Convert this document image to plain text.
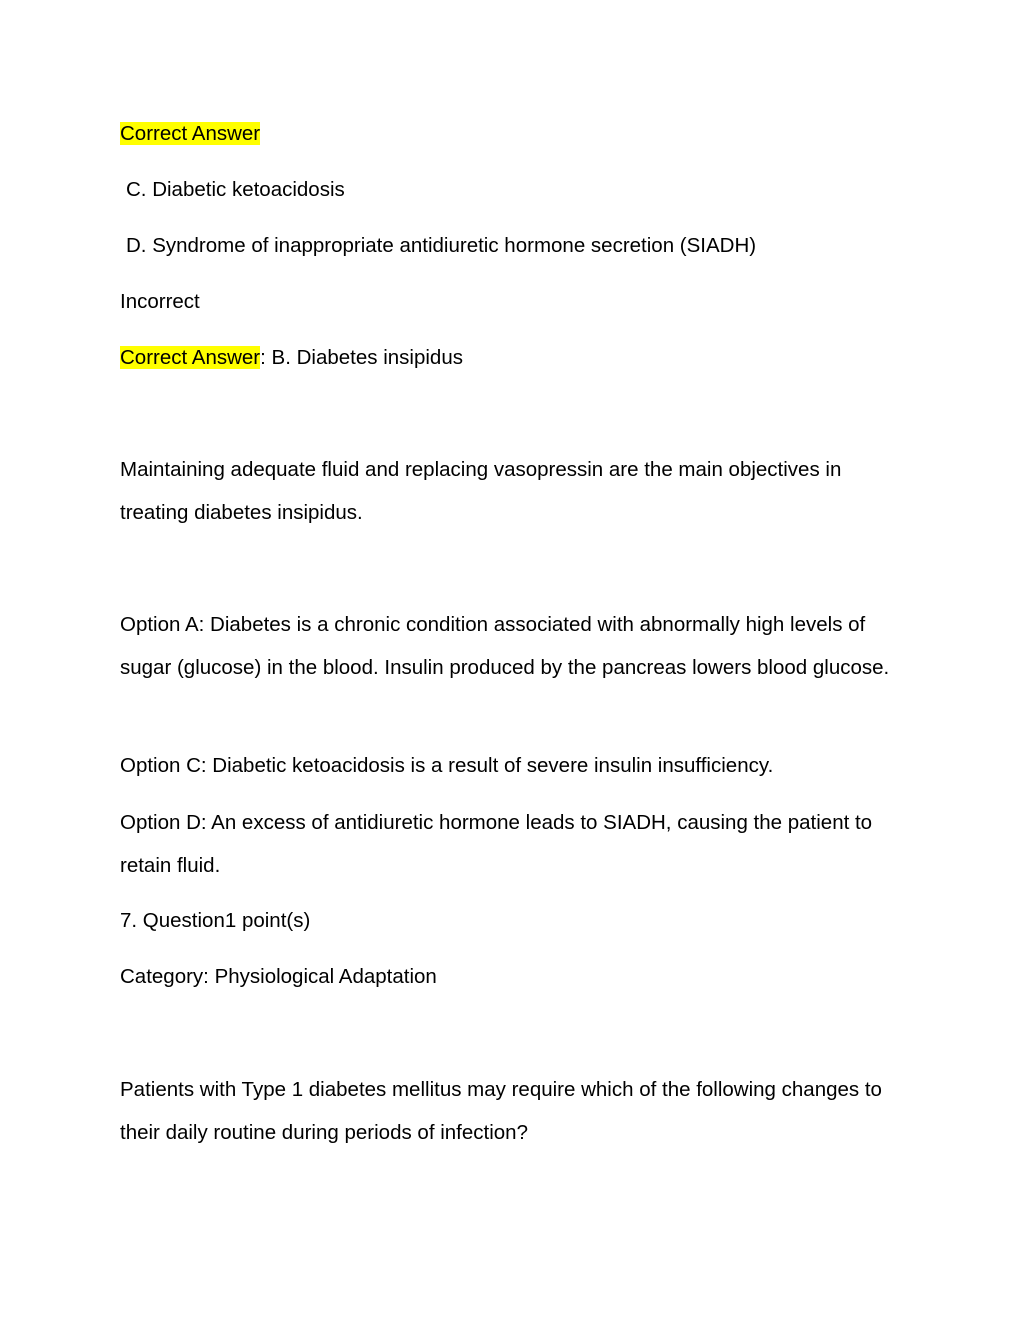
Correct Answer
C. Diabetic ketoacidosis
D. Syndrome of inappropriate antidiuretic hormone secretion (SIADH)
Incorrect
Correct Answer: B. Diabetes insipidus
Maintaining adequate fluid and replacing vasopressin are the main objectives in treating diabetes insipidus.
Option A: Diabetes is a chronic condition associated with abnormally high levels of sugar (glucose) in the blood. Insulin produced by the pancreas lowers blood glucose.
Option C: Diabetic ketoacidosis is a result of severe insulin insufficiency.
Option D: An excess of antidiuretic hormone leads to SIADH, causing the patient to retain fluid.
7. Question1 point(s)
Category: Physiological Adaptation
Patients with Type 1 diabetes mellitus may require which of the following changes to their daily routine during periods of infection?
